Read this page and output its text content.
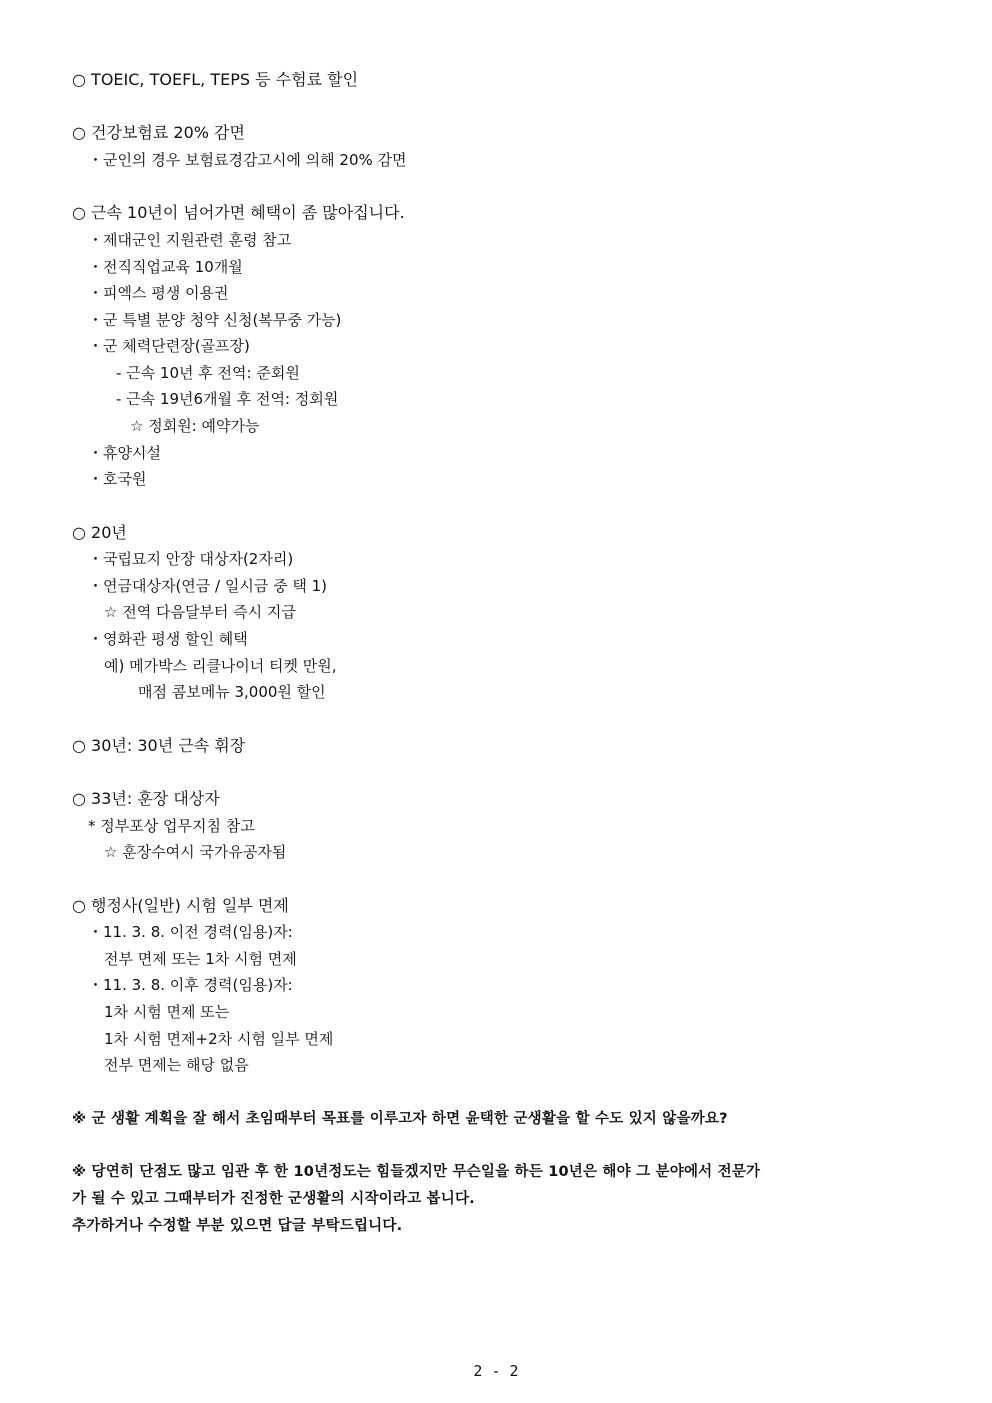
○ TOEIC, TOEFL, TEPS 등 수험료 할인
○ 건강보험료 20% 감면
・군인의 경우 보험료경감고시에 의해 20% 감면
○ 근속 10년이 넘어가면 혜택이 좀 많아집니다.
・제대군인 지원관련 훈령 참고
・전직직업교육 10개월
・피엑스 평생 이용권
・군 특별 분양 청약 신청(복무중 가능)
・군 체력단련장(골프장)
- 근속 10년 후 전역: 준회원
- 근속 19년6개월 후 전역: 정회원
☆ 정회원: 예약가능
・휴양시설
・호국원
○ 20년
・국립묘지 안장 대상자(2자리)
・연금대상자(연금 / 일시금 중 택 1)
☆ 전역 다음달부터 즉시 지급
・영화관 평생 할인 혜택
예) 메가박스 리클나이너 티켓 만원,
매점 콤보메뉴 3,000원 할인
○ 30년: 30년 근속 휘장
○ 33년: 훈장 대상자
* 정부포상 업무지침 참고
☆ 훈장수여시 국가유공자됨
○ 행정사(일반) 시험 일부 면제
・11. 3. 8. 이전 경력(임용)자:
전부 면제 또는 1차 시험 면제
・11. 3. 8. 이후 경력(임용)자:
1차 시험 면제 또는
1차 시험 면제+2차 시험 일부 면제
전부 면제는 해당 없음
※ 군 생활 계획을 잘 해서 초임때부터 목표를 이루고자 하면 윤택한 군생활을 할 수도 있지 않을까요?
※ 당연히 단점도 많고 임관 후 한 10년정도는 힘들겠지만 무슨일을 하든 10년은 해야 그 분야에서 전문가
가 될 수 있고 그때부터가 진정한 군생활의 시작이라고 봅니다.
추가하거나 수정할 부분 있으면 답글 부탁드립니다.
2 - 2
